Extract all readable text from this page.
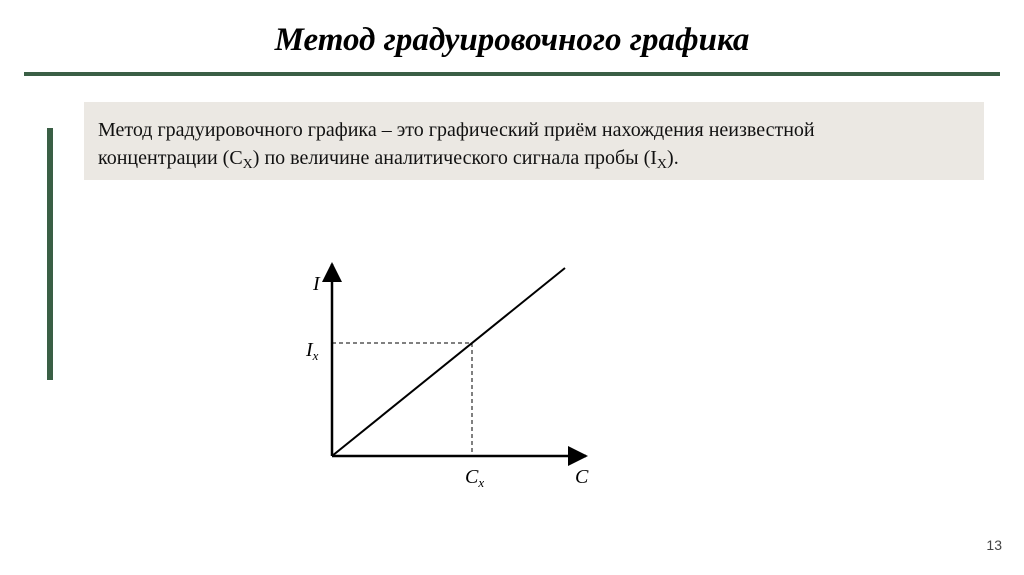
Метод градуировочного графика
Метод градуировочного графика – это графический приём нахождения неизвестной
концентрации $(C_X)$ по величине аналитического сигнала пробы $(I_X)$.
I
C
$I_x$
$C_x$
13
